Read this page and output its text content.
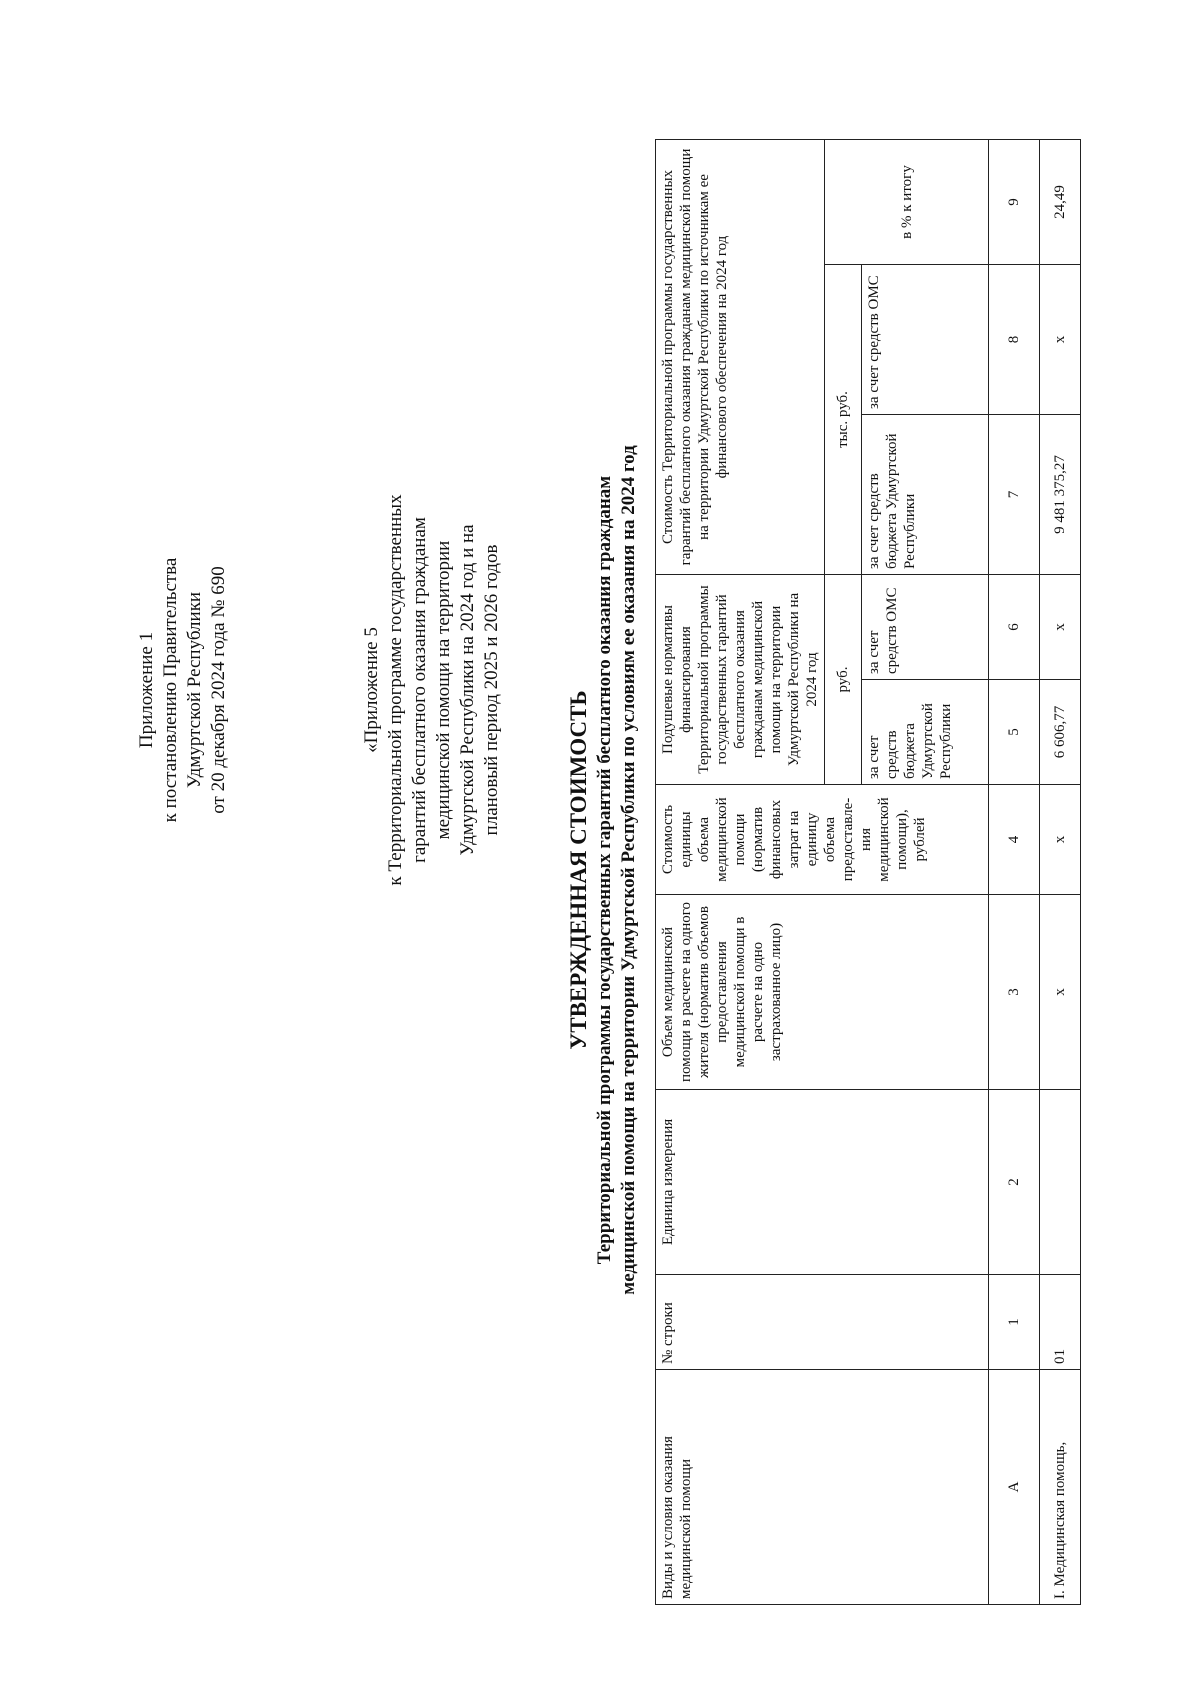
Приложение 1 к постановлению Правительства Удмуртской Республики от 20 декабря 2024 года № 690	«Приложение 5 к Территориальной программе государственных гарантий бесплатного оказания гражданам медицинской помощи на территории Удмуртской Республики на 2024 год и на плановый период 2025 и 2026 годов
УТВЕРЖДЕННАЯ СТОИМОСТЬ Территориальной программы государственных гарантий бесплатного оказания гражданам медицинской помощи на территории Удмуртской Республики по условиям ее оказания на 2024 год
Виды и условия оказания медицинской помощи	№ строки	Единица измерения	Объем медицинской помощи в расчете на одного жителя (норматив объемов предоставления медицинской помощи в расчете на одно застрахованное лицо)	Стоимость единицы объема медицинской помощи (норматив финансовых затрат на единицу объема предоставле-ния медицинской помощи), рублей	Подушевые нормативы финансирования Территориальной программы государственных гарантий бесплатного оказания гражданам медицинской помощи на территории Удмуртской Республики на 2024 год		Стоимость Территориальной программы государственных гарантий бесплатного оказания гражданам медицинской помощи на территории Удмуртской Республики по источникам ее финансового обеспечения на 2024 год		
					руб.		тыс. руб.		в % к итогу
					за счет средств бюджета Удмуртской Республики	за счет средств ОМС	за счет средств бюджета Удмуртской Республики	за счет средств ОМС	
А	1	2	3	4	5	6	7	8	9
I. Медицинская помощь,	01		x	x	6 606,77	x	9 481 375,27	x	24,49
